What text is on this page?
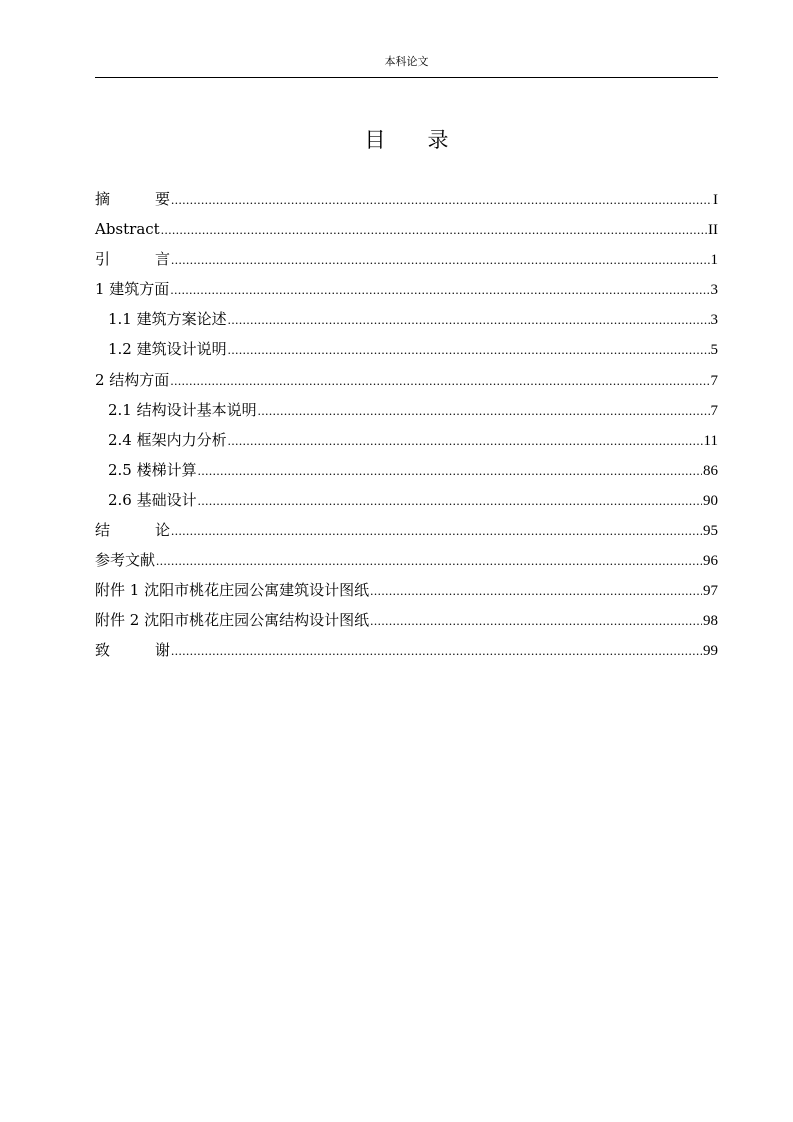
本科论文
目 录
摘	要 .....	I
Abstract .....	II
引	言 .....	1
1 建筑方面 .....	3
1.1 建筑方案论述 .....	3
1.2 建筑设计说明 .....	5
2 结构方面 .....	7
2.1 结构设计基本说明 .....	7
2.4 框架内力分析 .....	11
2.5 楼梯计算 .....	86
2.6 基础设计 .....	90
结	论 .....	95
参考文献 .....	96
附件 1 沈阳市桃花庄园公寓建筑设计图纸 .....	97
附件 2 沈阳市桃花庄园公寓结构设计图纸 .....	98
致	谢 .....	99
